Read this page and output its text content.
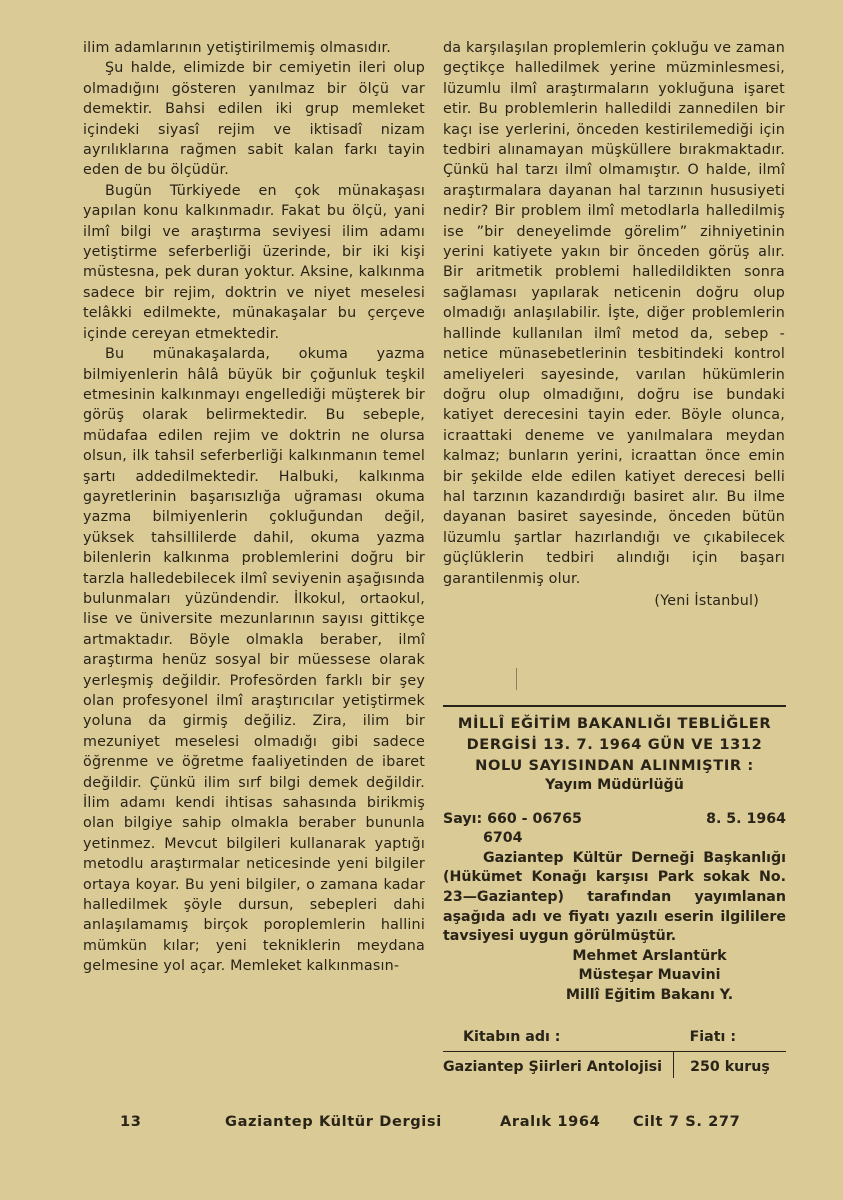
ilim adamlarının yetiştirilmemiş olmasıdır.

Şu halde, elimizde bir cemiyetin ileri olup olmadığını gösteren yanılmaz bir ölçü var demektir. Bahsi edilen iki grup memleket içindeki siyasî rejim ve iktisadî nizam ayrılıklarına rağmen sabit kalan farkı tayin eden de bu ölçüdür.

Bugün Türkiyede en çok münakaşası yapılan konu kalkınmadır. Fakat bu ölçü, yani ilmî bilgi ve araştırma seviyesi ilim adamı yetiştirme seferberliği üzerinde, bir iki kişi müstesna, pek duran yoktur. Aksine, kalkınma sadece bir rejim, doktrin ve niyet meselesi telâkki edilmekte, münakaşalar bu çerçeve içinde cereyan etmektedir.

Bu münakaşalarda, okuma yazma bilmiyenlerin hâlâ büyük bir çoğunluk teşkil etmesinin kalkınmayı engellediği müşterek bir görüş olarak belirmektedir. Bu sebeple, müdafaa edilen rejim ve doktrin ne olursa olsun, ilk tahsil seferberliği kalkınmanın temel şartı addedilmektedir. Halbuki, kalkınma gayretlerinin başarısızlığa uğraması okuma yazma bilmiyenlerin çokluğundan değil, yüksek tahsillilerde dahil, okuma yazma bilenlerin kalkınma problemlerini doğru bir tarzla halledebilecek ilmî seviyenin aşağısında bulunmaları yüzündendir. İlkokul, ortaokul, lise ve üniversite mezunlarının sayısı gittikçe artmaktadır. Böyle olmakla beraber, ilmî araştırma henüz sosyal bir müessese olarak yerleşmiş değildir. Profesörden farklı bir şey olan profesyonel ilmî araştırıcılar yetiştirmek yoluna da girmiş değiliz. Zira, ilim bir mezuniyet meselesi olmadığı gibi sadece öğrenme ve öğretme faaliyetinden de ibaret değildir. Çünkü ilim sırf bilgi demek değildir. İlim adamı kendi ihtisas sahasında birikmiş olan bilgiye sahip olmakla beraber bununla yetinmez. Mevcut bilgileri kullanarak yaptığı metodlu araştırmalar neticesinde yeni bilgiler ortaya koyar. Bu yeni bilgiler, o zamana kadar halledilmek şöyle dursun, sebepleri dahi anlaşılamamış birçok poroplemlerin hallini mümkün kılar; yeni tekniklerin meydana gelmesine yol açar. Memleket kalkınmasın-

da karşılaşılan proplemlerin çokluğu ve zaman geçtikçe halledilmek yerine müzminlesmesi, lüzumlu ilmî araştırmaların yokluğuna işaret etir. Bu problemlerin halledildi zannedilen bir kaçı ise yerlerini, önceden kestirilemediği için tedbiri alınamayan müşküllere bırakmaktadır. Çünkü hal tarzı ilmî olmamıştır. O halde, ilmî araştırmalara dayanan hal tarzının hususiyeti nedir? Bir problem ilmî metodlarla halledilmiş ise ”bir deneyelimde görelim” zihniyetinin yerini katiyete yakın bir önceden görüş alır. Bir aritmetik problemi halledildikten sonra sağlaması yapılarak neticenin doğru olup olmadığı anlaşılabilir. İşte, diğer problemlerin hallinde kullanılan ilmî metod da, sebep - netice münasebetlerinin tesbitindeki kontrol ameliyeleri sayesinde, varılan hükümlerin doğru olup olmadığını, doğru ise bundaki katiyet derecesini tayin eder. Böyle olunca, icraattaki deneme ve yanılmalara meydan kalmaz; bunların yerini, icraattan önce emin bir şekilde elde edilen katiyet derecesi belli hal tarzının kazandırdığı basiret alır. Bu ilme dayanan basiret sayesinde, önceden bütün lüzumlu şartlar hazırlandığı ve çıkabilecek güçlüklerin tedbiri alındığı için başarı garantilenmiş olur.

(Yeni İstanbul)
MİLLÎ EĞİTİM BAKANLIĞI TEBLİĞLER DERGİSİ 13. 7. 1964 GÜN VE 1312 NOLU SAYISINDAN ALINMIŞTIR :
Yayım Müdürlüğü
Sayı: 660 - 06765	8. 5. 1964
6704
Gaziantep Kültür Derneği Başkanlığı (Hükümet Konağı karşısı Park sokak No. 23—Gaziantep) tarafından yayımlanan aşağıda adı ve fiyatı yazılı eserin ilgililere tavsiyesi uygun görülmüştür.
Mehmet Arslantürk
Müsteşar Muavini
Millî Eğitim Bakanı Y.
Kitabın adı :	Fiatı :
Gaziantep Şiirleri Antolojisi	250 kuruş
13	Gaziantep Kültür Dergisi	Aralık 1964 Cilt 7 S. 277
